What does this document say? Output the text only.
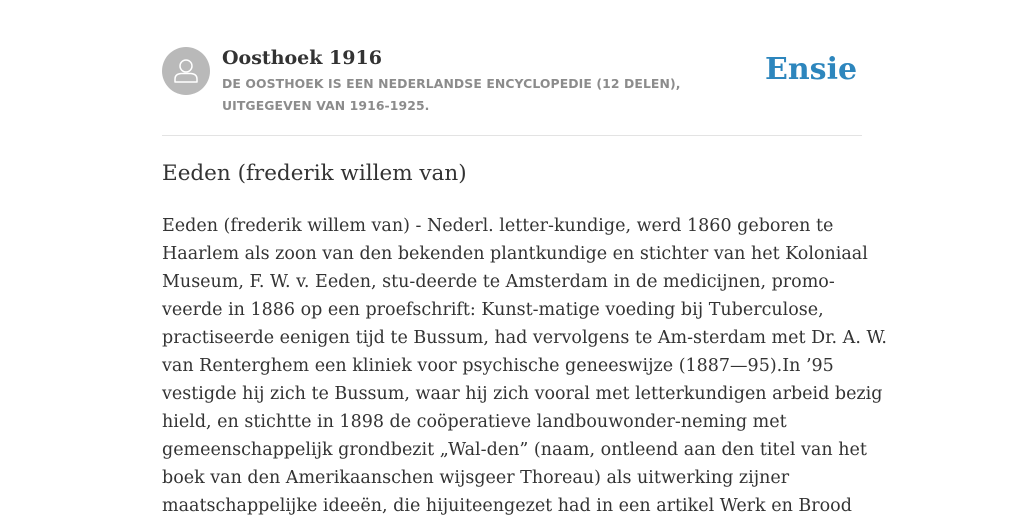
Oosthoek 1916

DE OOSTHOEK IS EEN NEDERLANDSE ENCYCLOPEDIE (12 DELEN), UITGEGEVEN VAN 1916-1925.

Ensie
Eeden (frederik willem van)
Eeden (frederik willem van) - Nederl. letter-kundige, werd 1860 geboren te
Haarlem als zoon van den bekenden plantkundige en stichter van het Koloniaal
Museum, F. W. v. Eeden, stu-deerde te Amsterdam in de medicijnen, promo-
veerde in 1886 op een proefschrift: Kunst-matige voeding bij Tuberculose,
practiseerde eenigen tijd te Bussum, had vervolgens te Am-sterdam met Dr. A. W.
van Renterghem een kliniek voor psychische geneeswijze (1887—95).In ’95
vestigde hij zich te Bussum, waar hij zich vooral met letterkundigen arbeid bezig
hield, en stichtte in 1898 de coöperatieve landbouwonder-neming met
gemeenschappelijk grondbezit „Wal-den” (naam, ontleend aan den titel van het
boek van den Amerikaanschen wijsgeer Thoreau) als uitwerking zijner
maatschappelijke ideeën, die hijuiteengezet had in een artikel Werk en Brood
